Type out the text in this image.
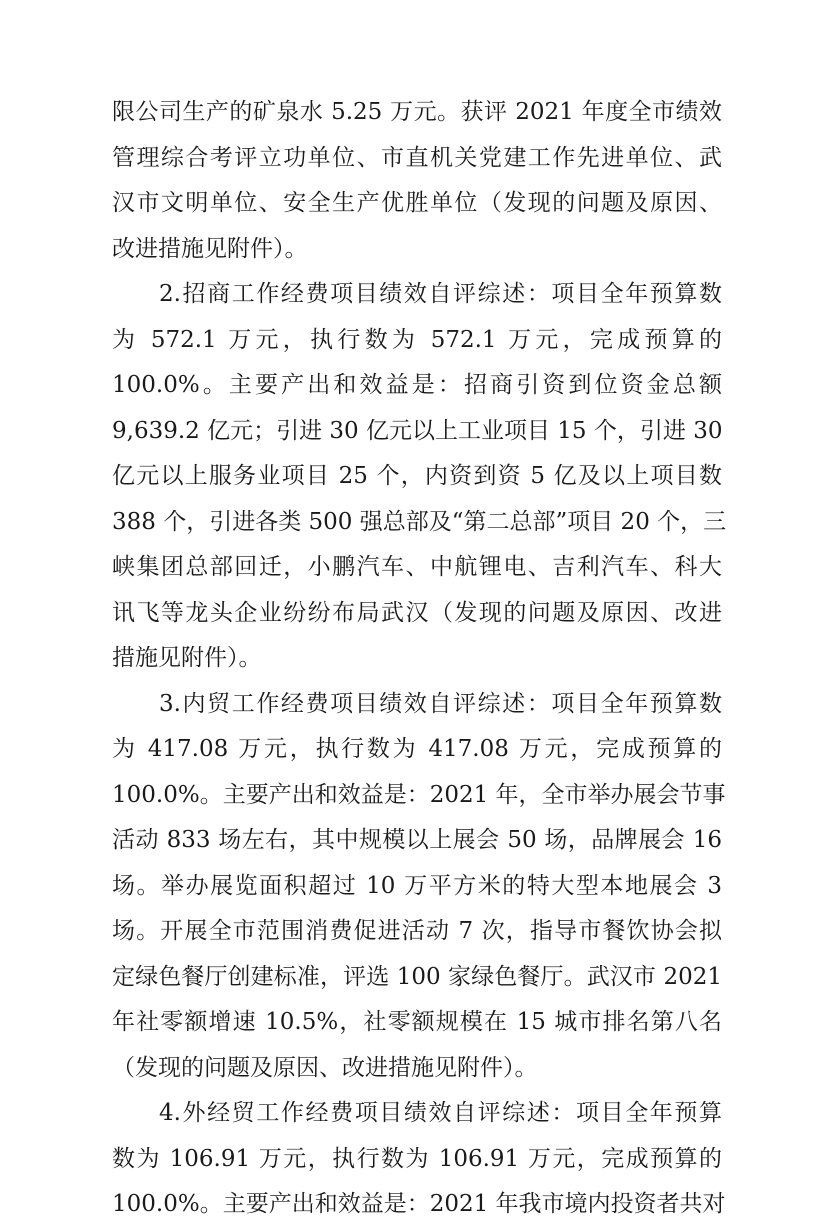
限公司生产的矿泉水 5.25 万元。获评 2021 年度全市绩效
管理综合考评立功单位、市直机关党建工作先进单位、武
汉市文明单位、安全生产优胜单位（发现的问题及原因、
改进措施见附件）。
2.招商工作经费项目绩效自评综述：项目全年预算数
为 572.1 万元，执行数为 572.1 万元，完成预算的
100.0%。主要产出和效益是：招商引资到位资金总额
9,639.2 亿元；引进 30 亿元以上工业项目 15 个，引进 30
亿元以上服务业项目 25 个，内资到资 5 亿及以上项目数
388 个，引进各类 500 强总部及“第二总部”项目 20 个，三
峡集团总部回迁，小鹏汽车、中航锂电、吉利汽车、科大
讯飞等龙头企业纷纷布局武汉（发现的问题及原因、改进
措施见附件）。
3.内贸工作经费项目绩效自评综述：项目全年预算数
为 417.08 万元，执行数为 417.08 万元，完成预算的
100.0%。主要产出和效益是：2021 年，全市举办展会节事
活动 833 场左右，其中规模以上展会 50 场，品牌展会 16
场。举办展览面积超过 10 万平方米的特大型本地展会 3
场。开展全市范围消费促进活动 7 次，指导市餐饮协会拟
定绿色餐厅创建标准，评选 100 家绿色餐厅。武汉市 2021
年社零额增速 10.5%，社零额规模在 15 城市排名第八名
（发现的问题及原因、改进措施见附件）。
4.外经贸工作经费项目绩效自评综述：项目全年预算
数为 106.91 万元，执行数为 106.91 万元，完成预算的
100.0%。主要产出和效益是：2021 年我市境内投资者共对
